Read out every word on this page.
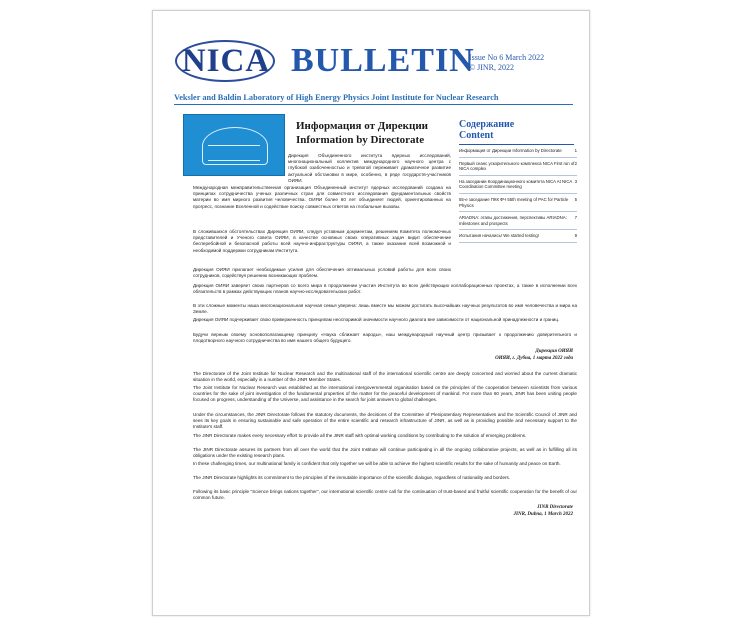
NICA BULLETIN
Issue No 6 March 2022
© JINR, 2022
Veksler and Baldin Laboratory of High Energy Physics Joint Institute for Nuclear Research
Информация от Дирекции
Information by Directorate
Содержание
Content
1
Информация от Дирекции Information by Directorate
2
Первый сеанс ускорительного комплекса NICA First run of NICA complex
3
На заседании Координационного комитета NICA At NICA Coordination Committee meeting
5
55-е заседание ПКК ФЧ 55th meeting of PAC for Particle Physics
7
ARIADNA: этапы достижения, перспективы ARIADNA: milestones and prospects
9
Испытания начались! We started testing!

Дирекция Объединенного института ядерных исследований, многонациональный коллектив международного научного центра с глубокой озабоченностью и тревогой переживает драматичное развитие актуальной обстановки в мире, особенно, в ряде государств-участников ОИЯИ.

Международная межправительственная организация Объединенный институт ядерных исследований создана на принципах сотрудничества ученых различных стран для совместного исследования фундаментальных свойств материи во имя мирного развития человечества. ОИЯИ более 60 лет объединяет людей, ориентированных на прогресс, познание Вселенной и содействие поиску совместных ответов на глобальные вызовы.

В сложившихся обстоятельствах Дирекция ОИЯИ, следуя уставным документам, решениям Комитета полномочных представителей и Ученого совета ОИЯИ, в качестве основных своих оперативных задач видит обеспечение бесперебойной и безопасной работы всей научно-инфраструктуры ОИЯИ, а также оказание всей возможной и необходимой поддержки сотрудникам Института.

Дирекция ОИЯИ прилагает необходимые усилия для обеспечения оптимальных условий работы для всех своих сотрудников, содействуя решению возникающих проблем.

Дирекция ОИЯИ заверяет своих партнеров со всего мира в продолжении участия Института во всех действующих коллаборационных проектах, а также в исполнении всех обязательств в рамках действующих планов научно-исследовательских работ.

В эти сложные моменты наша многонациональная научная семья уверена: лишь вместе мы можем достигать высочайших научных результатов во имя человечества и мира на Земле.

Дирекция ОИЯИ подчеркивает свою приверженность принципам неоспоримой значимости научного диалога вне зависимости от национальной принадлежности и границ.

Будучи верным своему основополагающему принципу «Наука сближает народы», наш международный научный центр призывает к продолжению доверительного и плодотворного научного сотрудничества во имя нашего общего будущего.

Дирекция ОИЯИ
ОИЯИ, г. Дубна, 1 марта 2022 года

The Directorate of the Joint Institute for Nuclear Research and the multinational staff of the international scientific centre are deeply concerned and worried about the current dramatic situation in the world, especially in a number of the JINR Member States.

The Joint Institute for Nuclear Research was established as the international intergovernmental organisation based on the principles of the cooperation between scientists from various countries for the sake of joint investigation of the fundamental properties of the matter for the peaceful development of mankind. For more than 60 years, JINR has been uniting people focused on progress, understanding of the Universe, and assistance in the search for joint answers to global challenges.

Under the circumstances, the JINR Directorate follows the statutory documents, the decisions of the Committee of Plenipotentiary Representatives and the Scientific Council of JINR and sees its key goals in ensuring sustainable and safe operation of the entire scientific and research infrastructure of JINR, as well as in providing possible and necessary support to the Institute's staff.

The JINR Directorate makes every necessary effort to provide all the JINR staff with optimal working conditions by contributing to the solution of emerging problems.

The JINR Directorate assures its partners from all over the world that the Joint Institute will continue participating in all the ongoing collaborative projects, as well as in fulfilling all its obligations under the existing research plans.

In these challenging times, our multinational family is confident that only together we will be able to achieve the highest scientific results for the sake of humanity and peace on Earth.

The JINR Directorate highlights its commitment to the principles of the immutable importance of the scientific dialogue, regardless of nationality and borders.

Following its basic principle "Science brings nations together", our international scientific centre call for the continuation of trust-based and fruitful scientific cooperation for the benefit of our common future.

JINR Directorate
JINR, Dubna, 1 March 2022
